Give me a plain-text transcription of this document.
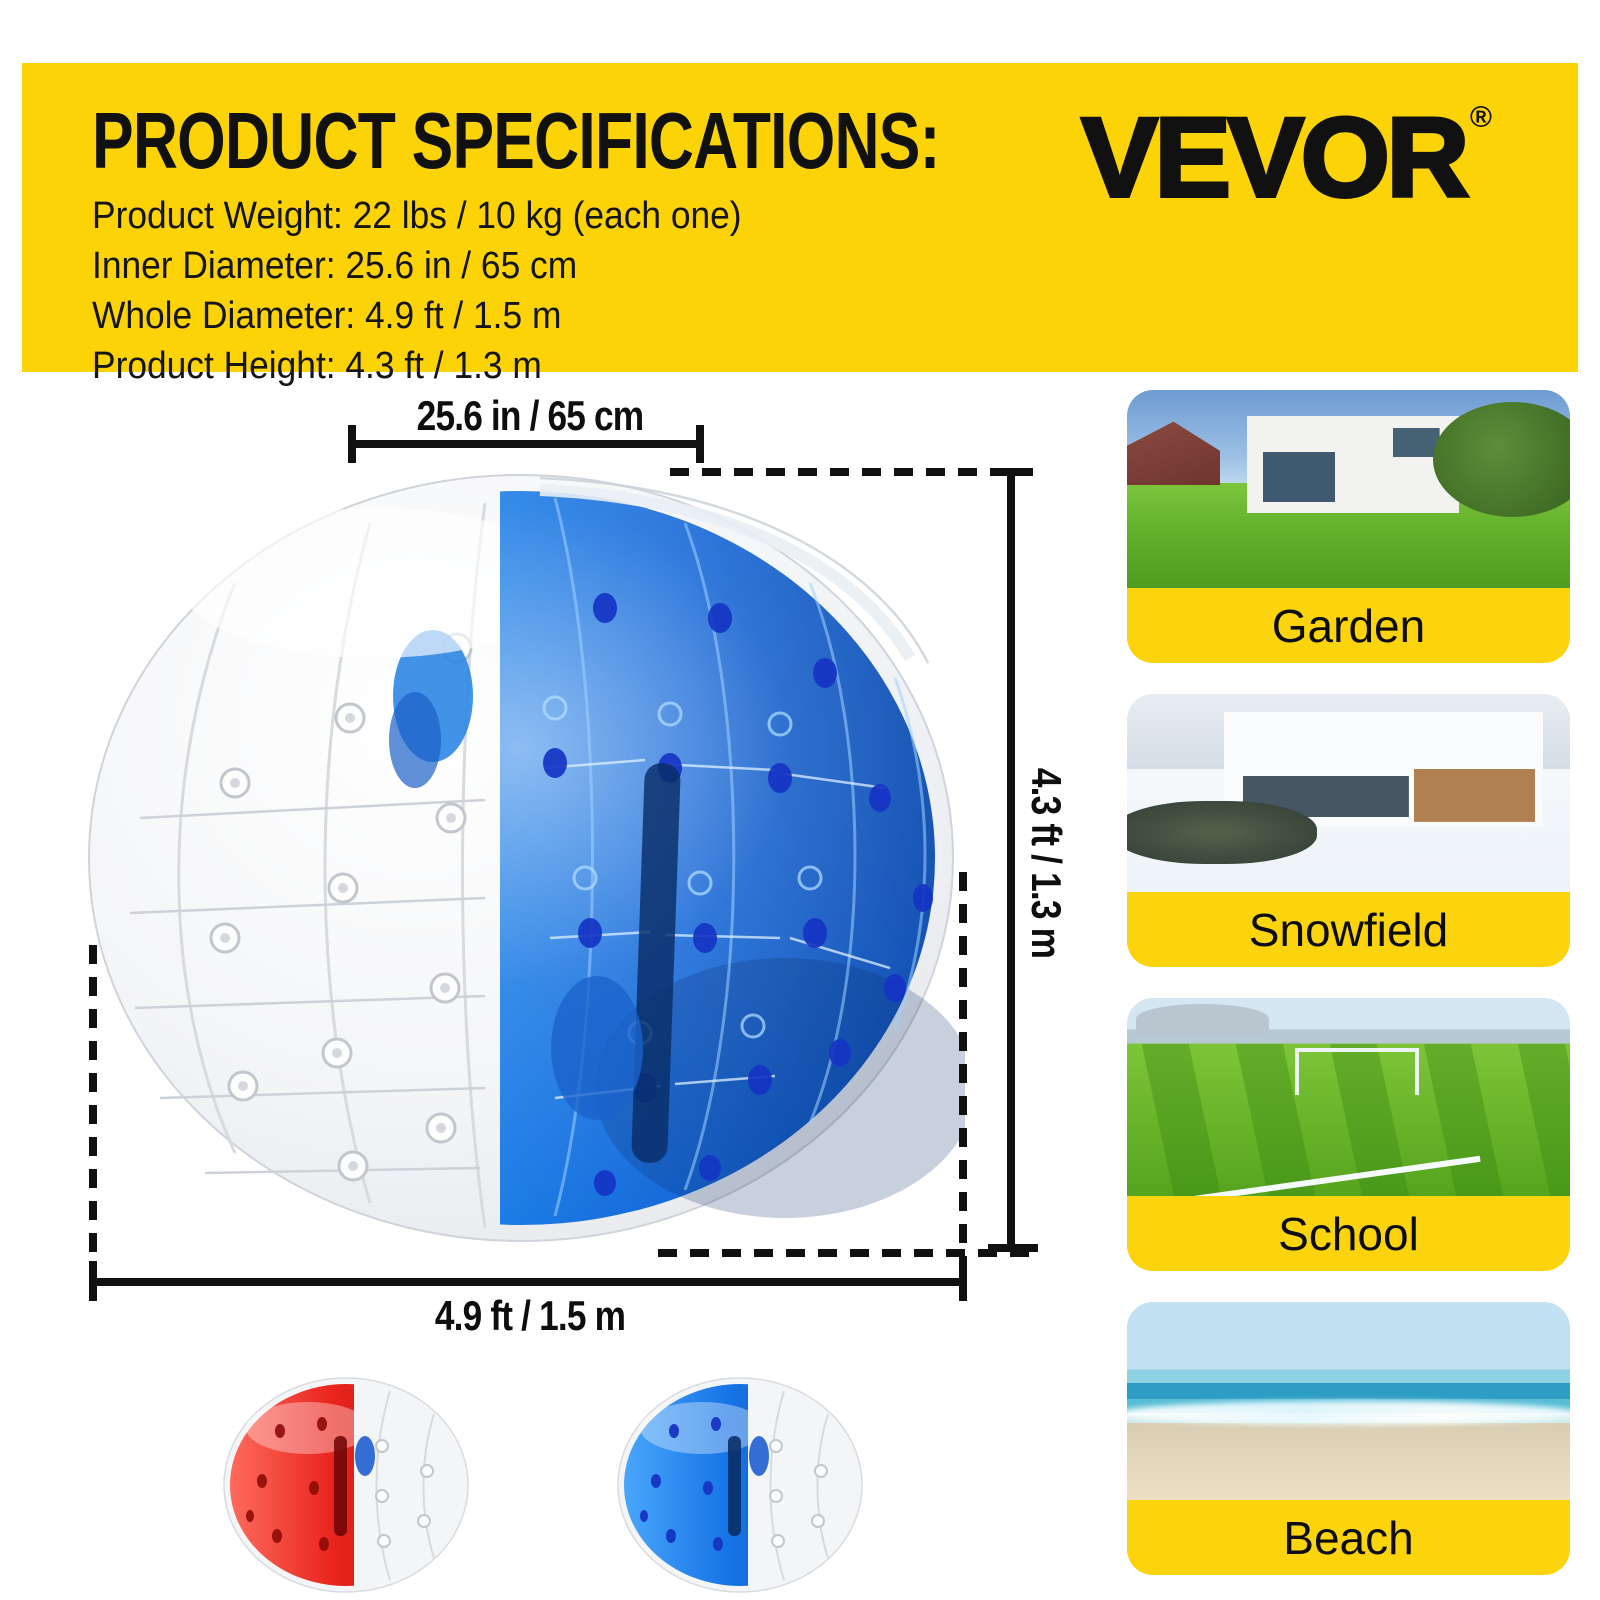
PRODUCT SPECIFICATIONS:
Product Weight: 22 lbs / 10 kg (each one)
Inner Diameter: 25.6 in / 65 cm
Whole Diameter: 4.9 ft / 1.5 m
Product Height: 4.3 ft / 1.3 m
VEVOR ®
25.6 in / 65 cm
4.3 ft / 1.3 m
4.9 ft / 1.5 m
Garden
Snowfield
School
Beach
